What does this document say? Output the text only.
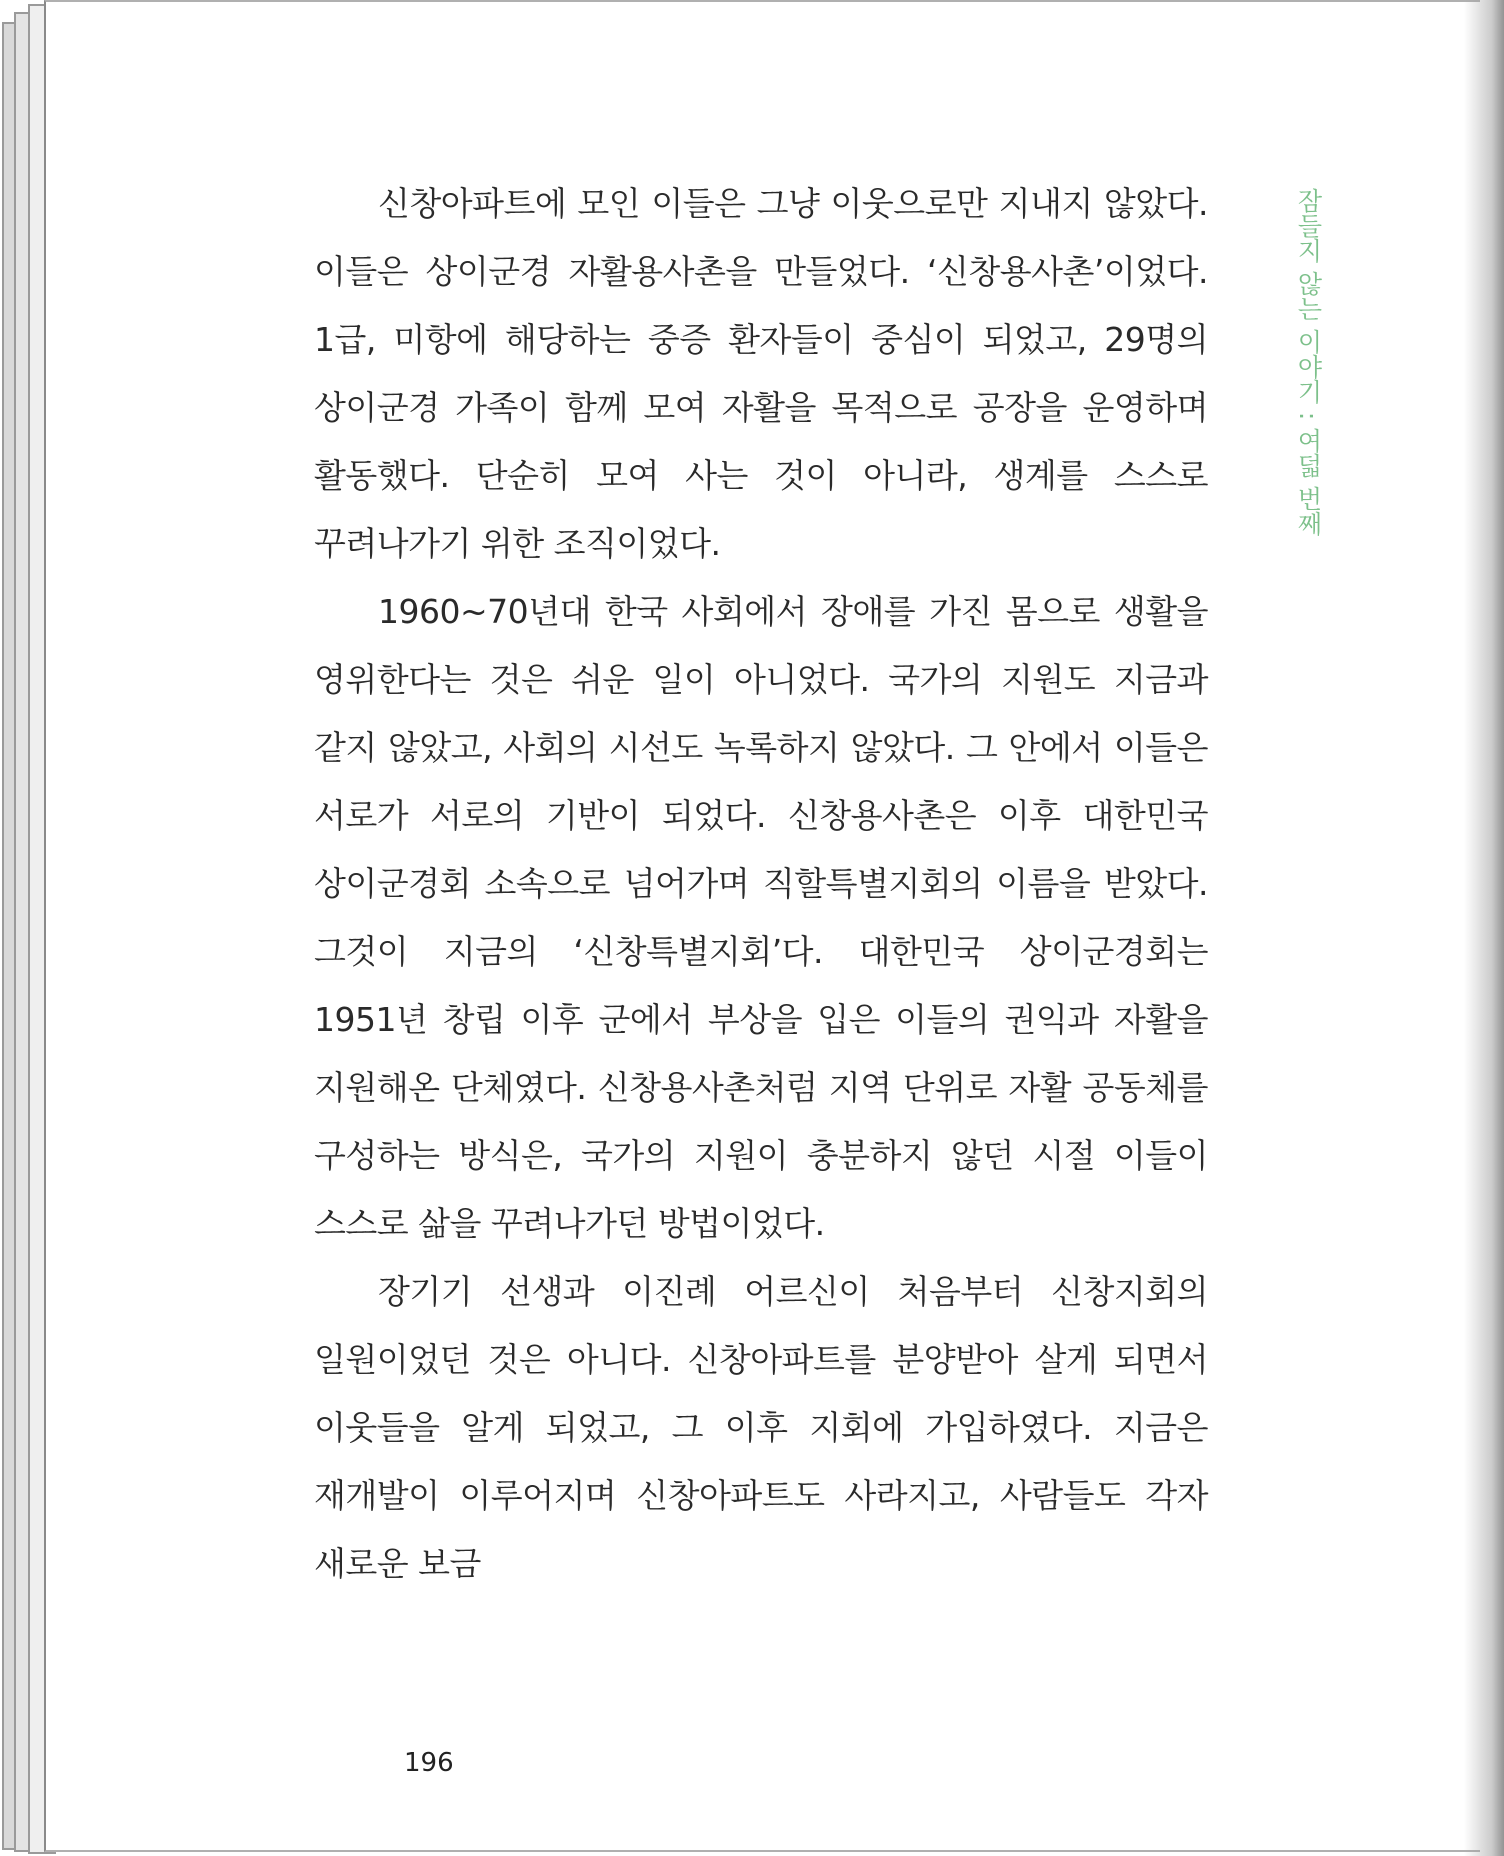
신창아파트에 모인 이들은 그냥 이웃으로만 지내지 않았다. 이들은 상이군경 자활용사촌을 만들었다. ‘신창용사촌’이었다. 1급, 미항에 해당하는 중증 환자들이 중심이 되었고, 29명의 상이군경 가족이 함께 모여 자활을 목적으로 공장을 운영하며 활동했다. 단순히 모여 사는 것이 아니라, 생계를 스스로 꾸려나가기 위한 조직이었다.

1960~70년대 한국 사회에서 장애를 가진 몸으로 생활을 영위한다는 것은 쉬운 일이 아니었다. 국가의 지원도 지금과 같지 않았고, 사회의 시선도 녹록하지 않았다. 그 안에서 이들은 서로가 서로의 기반이 되었다. 신창용사촌은 이후 대한민국 상이군경회 소속으로 넘어가며 직할특별지회의 이름을 받았다. 그것이 지금의 ‘신창특별지회’다. 대한민국 상이군경회는 1951년 창립 이후 군에서 부상을 입은 이들의 권익과 자활을 지원해온 단체였다. 신창용사촌처럼 지역 단위로 자활 공동체를 구성하는 방식은, 국가의 지원이 충분하지 않던 시절 이들이 스스로 삶을 꾸려나가던 방법이었다.

장기기 선생과 이진례 어르신이 처음부터 신창지회의 일원이었던 것은 아니다. 신창아파트를 분양받아 살게 되면서 이웃들을 알게 되었고, 그 이후 지회에 가입하였다. 지금은 재개발이 이루어지며 신창아파트도 사라지고, 사람들도 각자 새로운 보금

잠들지 않는 이야기 : 여덟 번째
196
